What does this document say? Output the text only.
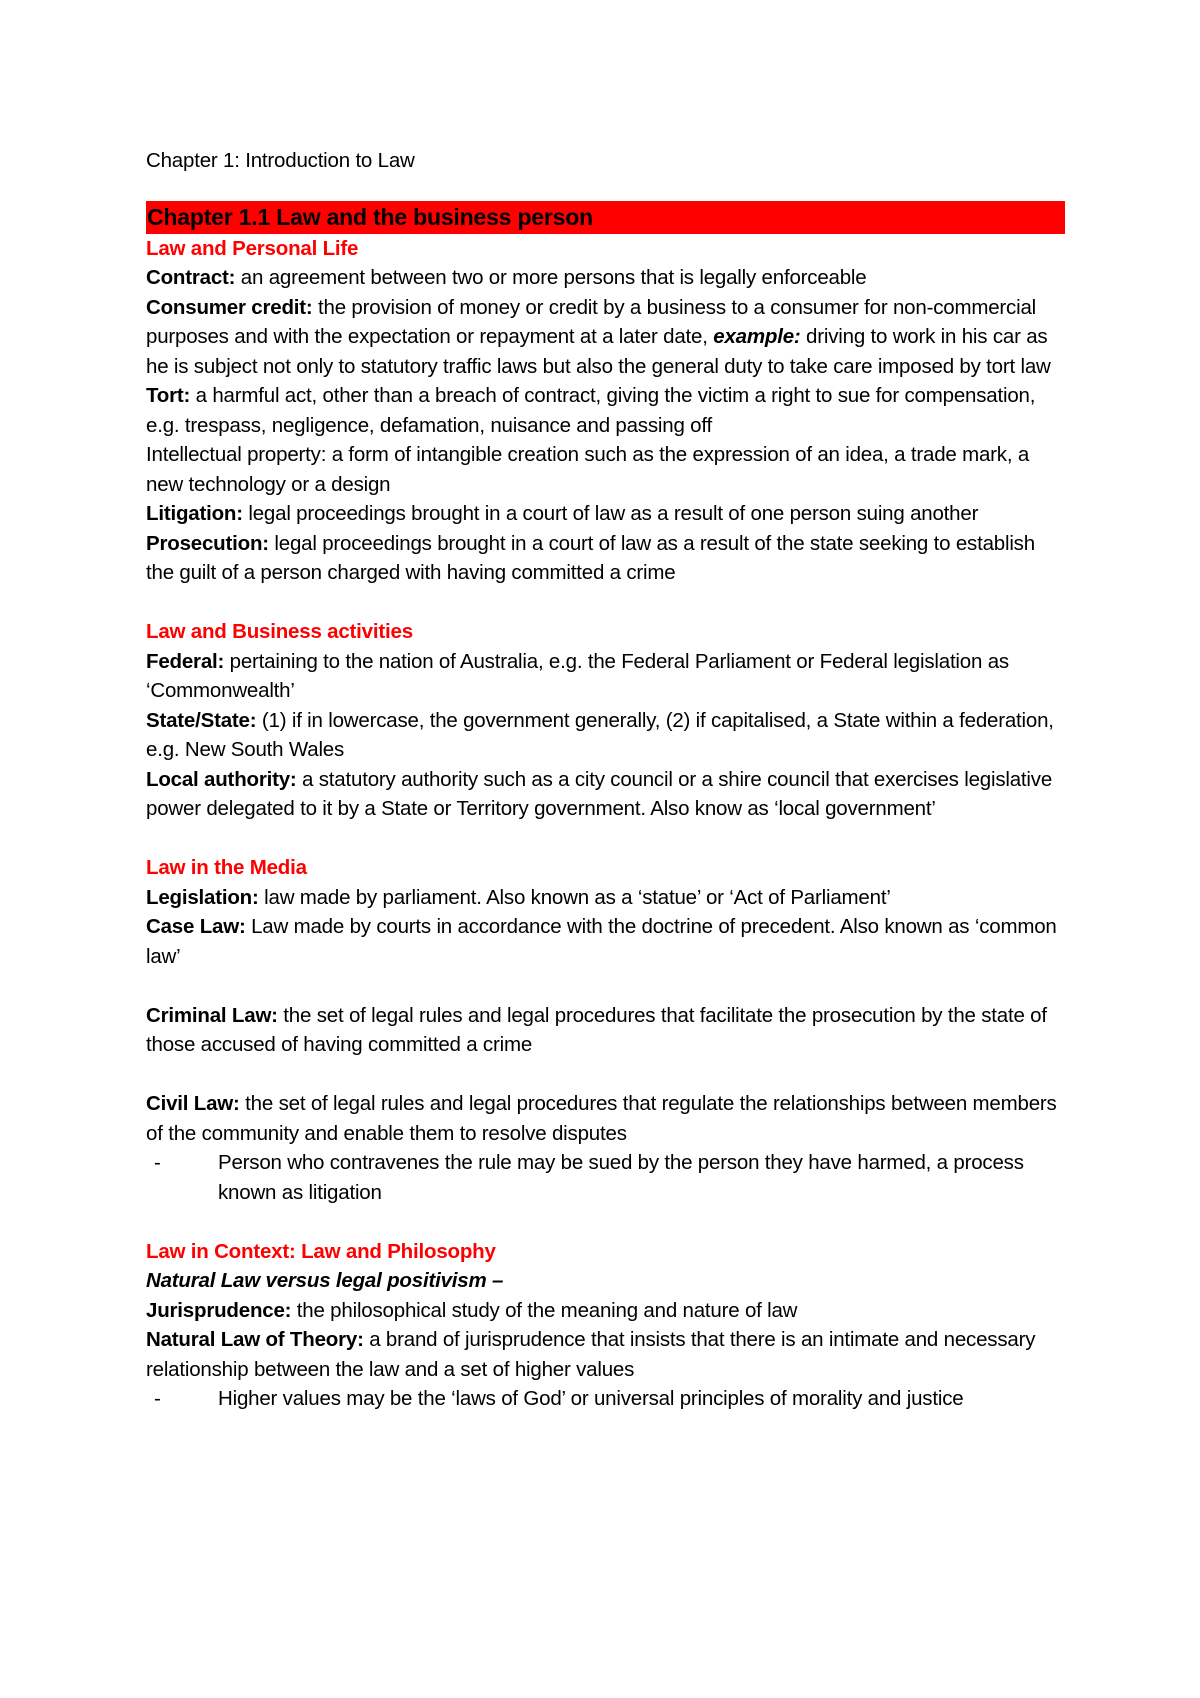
Chapter 1: Introduction to Law

Chapter 1.1 Law and the business person

Law and Personal Life

Contract: an agreement between two or more persons that is legally enforceable

Consumer credit: the provision of money or credit by a business to a consumer for non-commercial purposes and with the expectation or repayment at a later date, example: driving to work in his car as he is subject not only to statutory traffic laws but also the general duty to take care imposed by tort law

Tort: a harmful act, other than a breach of contract, giving the victim a right to sue for compensation, e.g. trespass, negligence, defamation, nuisance and passing off

Intellectual property: a form of intangible creation such as the expression of an idea, a trade mark, a new technology or a design

Litigation: legal proceedings brought in a court of law as a result of one person suing another

Prosecution: legal proceedings brought in a court of law as a result of the state seeking to establish the guilt of a person charged with having committed a crime

Law and Business activities

Federal: pertaining to the nation of Australia, e.g. the Federal Parliament or Federal legislation as ‘Commonwealth’

State/State: (1) if in lowercase, the government generally, (2) if capitalised, a State within a federation, e.g. New South Wales

Local authority: a statutory authority such as a city council or a shire council that exercises legislative power delegated to it by a State or Territory government. Also know as ‘local government’

Law in the Media

Legislation: law made by parliament. Also known as a ‘statue’ or ‘Act of Parliament’

Case Law: Law made by courts in accordance with the doctrine of precedent. Also known as ‘common law’

Criminal Law: the set of legal rules and legal procedures that facilitate the prosecution by the state of those accused of having committed a crime

Civil Law: the set of legal rules and legal procedures that regulate the relationships between members of the community and enable them to resolve disputes

-	Person who contravenes the rule may be sued by the person they have harmed, a process known as litigation

Law in Context: Law and Philosophy

Natural Law versus legal positivism –

Jurisprudence: the philosophical study of the meaning and nature of law

Natural Law of Theory: a brand of jurisprudence that insists that there is an intimate and necessary relationship between the law and a set of higher values

-	Higher values may be the ‘laws of God’ or universal principles of morality and justice
